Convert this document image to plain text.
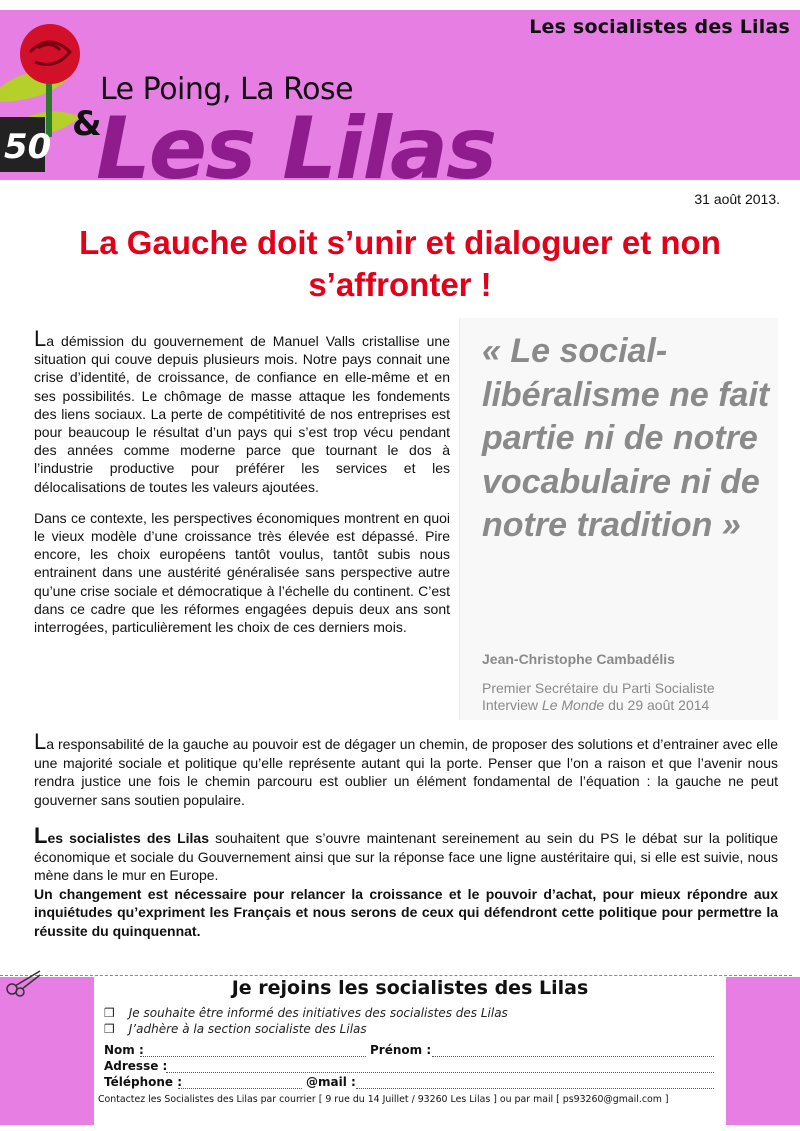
Les socialistes des Lilas
50
Le Poing, La Rose
&
Les Lilas	31 août 2013.
La Gauche doit s’unir et dialoguer et non s’affronter !

La démission du gouvernement de Manuel Valls cristallise une situation qui couve depuis plusieurs mois. Notre pays connait une crise d’identité, de croissance, de confiance en elle-même et en ses possibilités. Le chômage de masse attaque les fondements des liens sociaux. La perte de compétitivité de nos entreprises est pour beaucoup le résultat d’un pays qui s’est trop vécu pendant des années comme moderne parce que tournant le dos à l’industrie productive pour préférer les services et les délocalisations de toutes les valeurs ajoutées.

Dans ce contexte, les perspectives économiques montrent en quoi le vieux modèle d’une croissance très élevée est dépassé. Pire encore, les choix européens tantôt voulus, tantôt subis nous entrainent dans une austérité généralisée sans perspective autre qu’une crise sociale et démocratique à l’échelle du continent. C’est dans ce cadre que les réformes engagées depuis deux ans sont interrogées, particulièrement les choix de ces derniers mois.

« Le social-libéralisme ne fait partie ni de notre vocabulaire ni de notre tradition »
Jean-Christophe Cambadélis
Premier Secrétaire du Parti Socialiste
Interview Le Monde du 29 août 2014

La responsabilité de la gauche au pouvoir est de dégager un chemin, de proposer des solutions et d’entrainer avec elle une majorité sociale et politique qu’elle représente autant qui la porte. Penser que l’on a raison et que l’avenir nous rendra justice une fois le chemin parcouru est oublier un élément fondamental de l’équation : la gauche ne peut gouverner sans soutien populaire.

Les socialistes des Lilas souhaitent que s’ouvre maintenant sereinement au sein du PS le débat sur la politique économique et sociale du Gouvernement ainsi que sur la réponse face une ligne austéritaire qui, si elle est suivie, nous mène dans le mur en Europe.

Un changement est nécessaire pour relancer la croissance et le pouvoir d’achat, pour mieux répondre aux inquiétudes qu’expriment les Français et nous serons de ceux qui défendront cette politique pour permettre la réussite du quinquennat.

Je rejoins les socialistes des Lilas
❒ Je souhaite être informé des initiatives des socialistes des Lilas
❒ J’adhère à la section socialiste des Lilas
Nom :	Prénom :
Adresse :
Téléphone :	@mail :
Contactez les Socialistes des Lilas par courrier [ 9 rue du 14 Juillet / 93260 Les Lilas ] ou par mail [ ps93260@gmail.com ]
